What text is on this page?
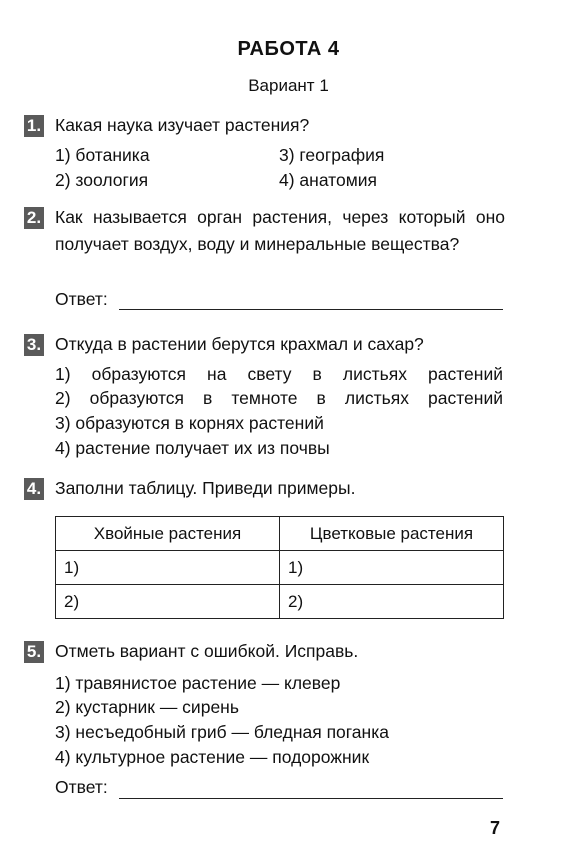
РАБОТА 4
Вариант 1
1. Какая наука изучает растения?
1) ботаника
2) зоология
3) география
4) анатомия
2. Как называется орган растения, через который оно получает воздух, воду и минеральные вещества?
Ответ:
3. Откуда в растении берутся крахмал и сахар?
1) образуются на свету в листьях растений
2) образуются в темноте в листьях растений
3) образуются в корнях растений
4) растение получает их из почвы
4. Заполни таблицу. Приведи примеры.
Хвойные растения	Цветковые растения
1)	1)
2)	2)
5. Отметь вариант с ошибкой. Исправь.
1) травянистое растение — клевер
2) кустарник — сирень
3) несъедобный гриб — бледная поганка
4) культурное растение — подорожник
Ответ:
7
